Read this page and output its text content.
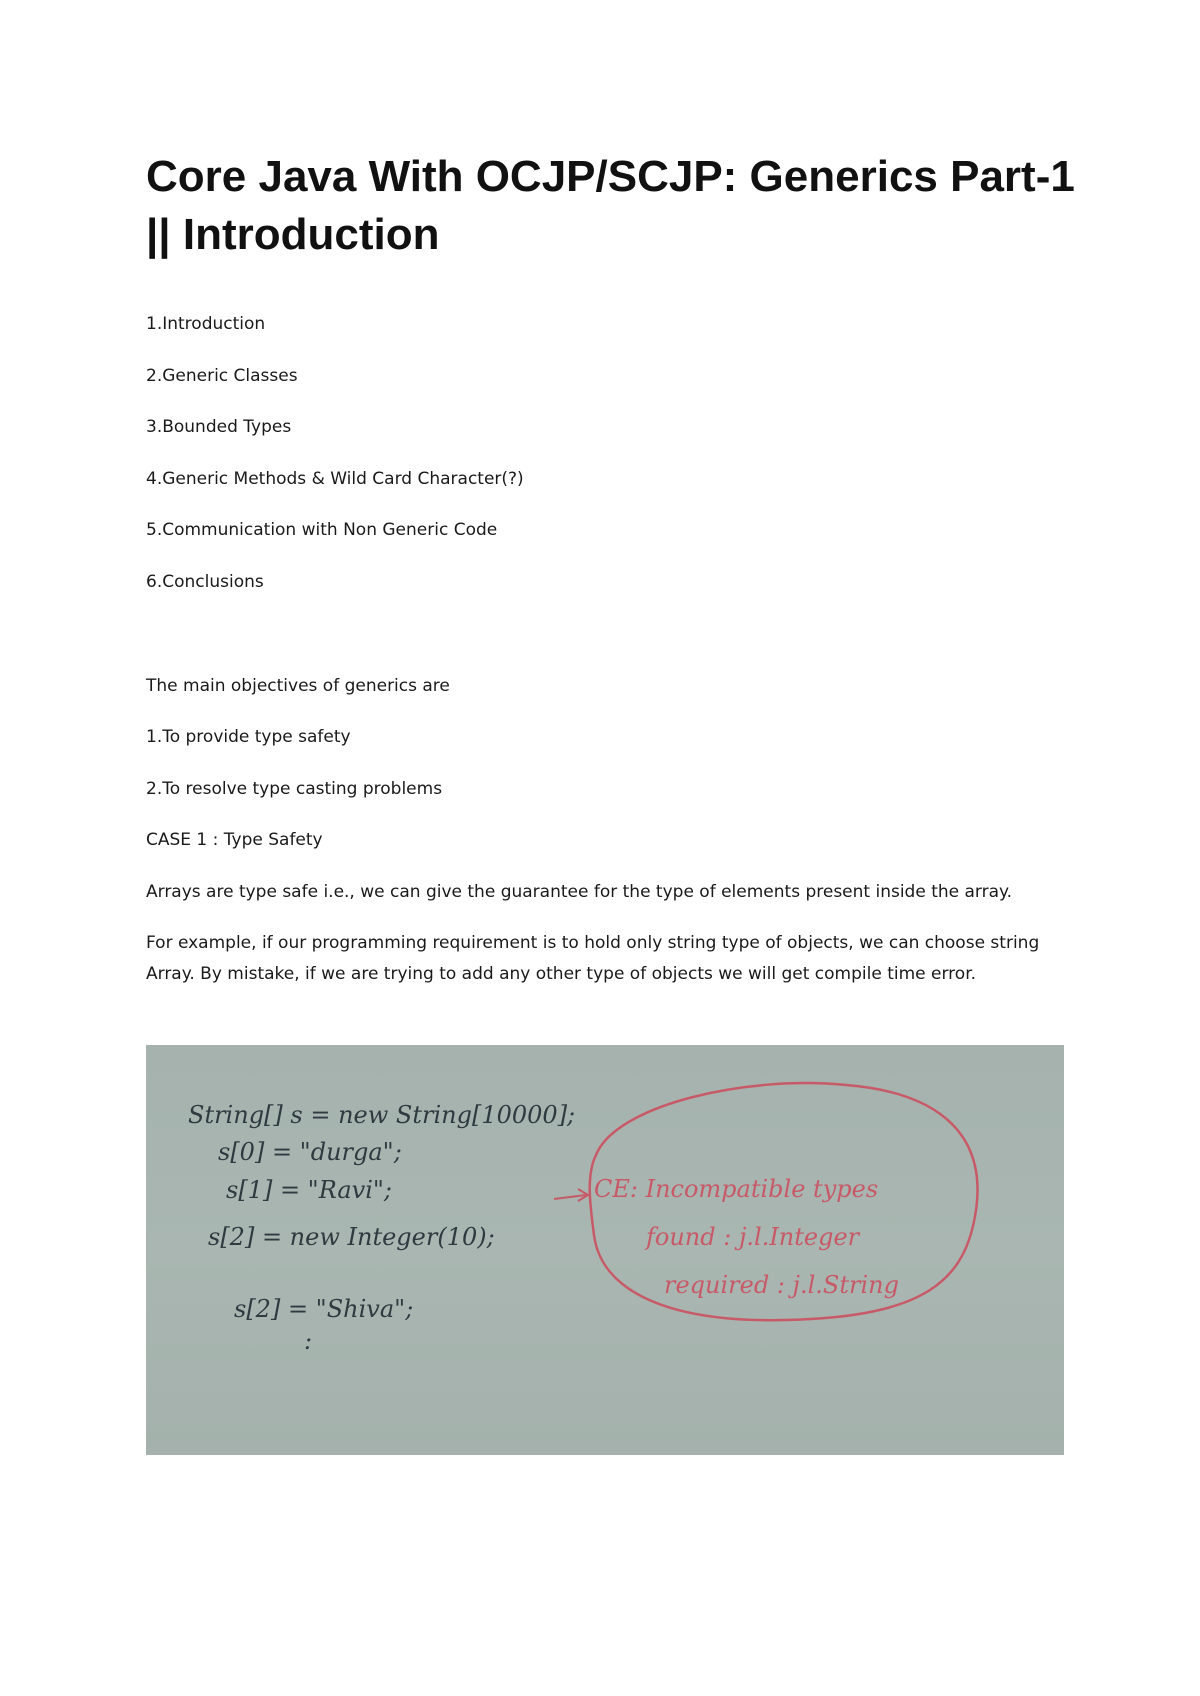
Core Java With OCJP/SCJP: Generics Part-1 || Introduction
1.Introduction
2.Generic Classes
3.Bounded Types
4.Generic Methods & Wild Card Character(?)
5.Communication with Non Generic Code
6.Conclusions

The main objectives of generics are

1.To provide type safety

2.To resolve type casting problems

CASE 1 : Type Safety

Arrays are type safe i.e., we can give the guarantee for the type of elements present inside the array.

For example, if our programming requirement is to hold only string type of objects, we can choose string Array. By mistake, if we are trying to add any other type of objects we will get compile time error.

String[] s = new String[10000];
s[0] = "durga";
s[1] = "Ravi";
s[2] = new Integer(10);
s[2] = "Shiva";
:
CE: Incompatible types
found : j.l.Integer
required : j.l.String
